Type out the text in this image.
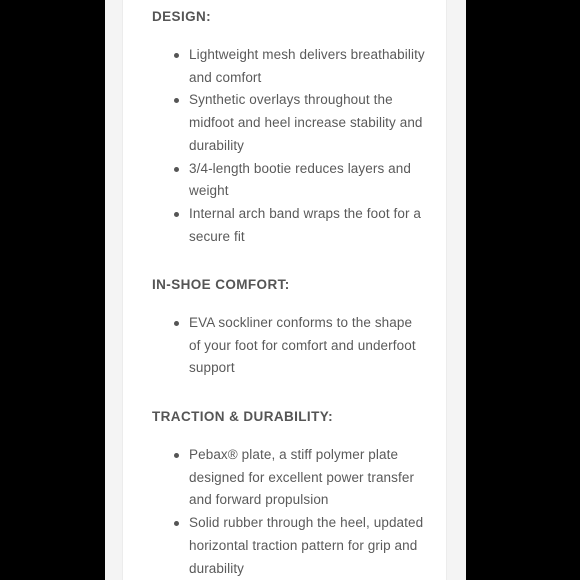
DESIGN:
Lightweight mesh delivers breathability and comfort
Synthetic overlays throughout the midfoot and heel increase stability and durability
3/4-length bootie reduces layers and weight
Internal arch band wraps the foot for a secure fit
IN-SHOE COMFORT:
EVA sockliner conforms to the shape of your foot for comfort and underfoot support
TRACTION & DURABILITY:
Pebax® plate, a stiff polymer plate designed for excellent power transfer and forward propulsion
Solid rubber through the heel, updated horizontal traction pattern for grip and durability
